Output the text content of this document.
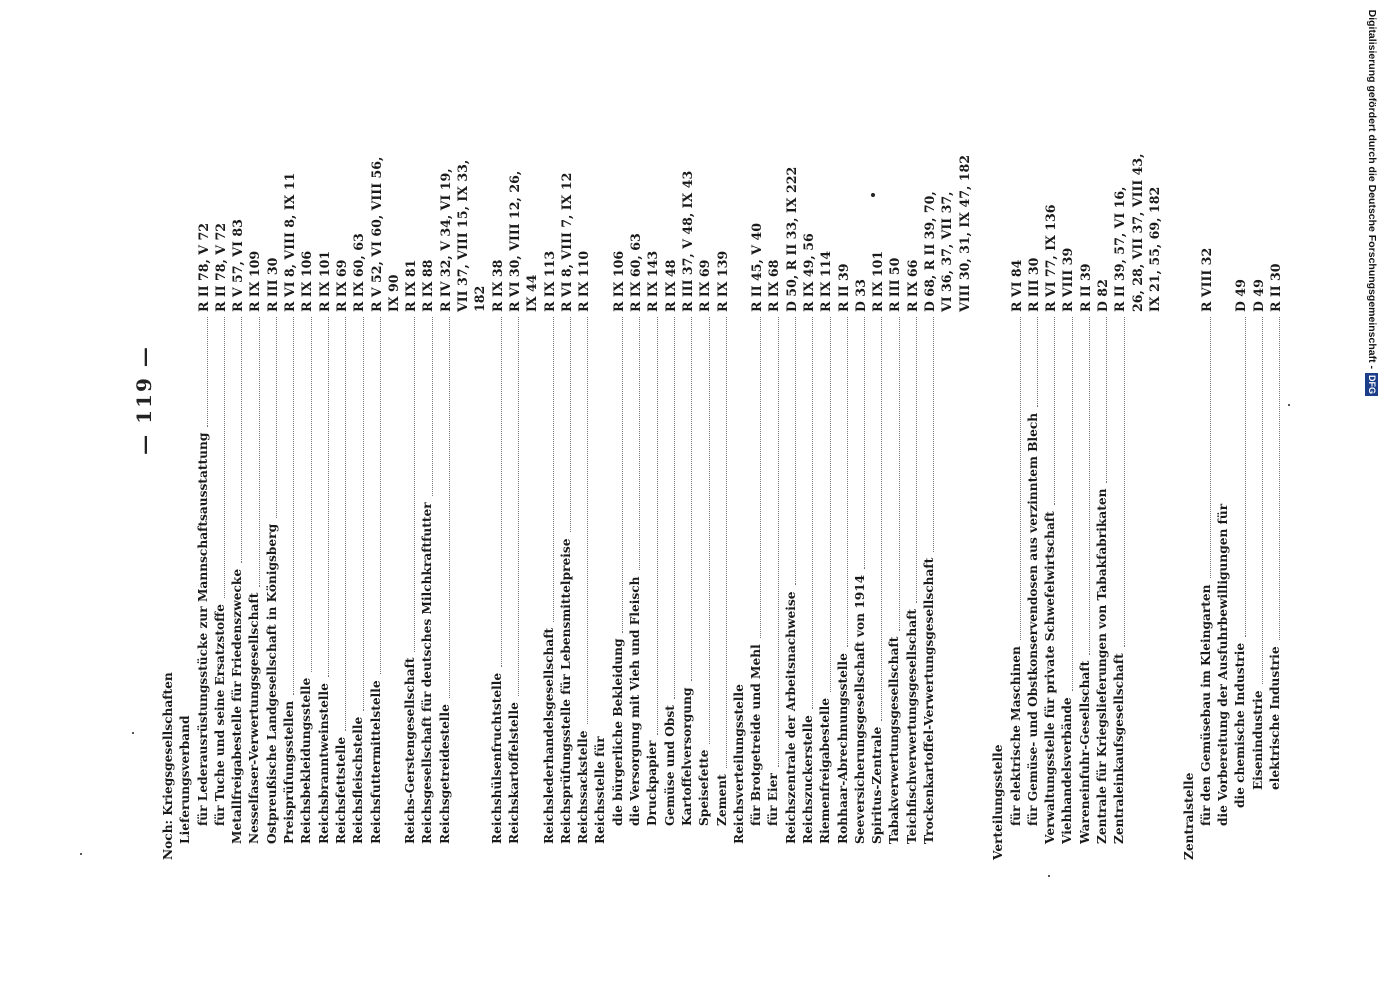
— 119 —
Noch: Kriegsgesellschaften Lieferungsverband für Lederausrüstungsstücke zur Mannschaftsausstattung
R II 78, V 72
für Tuche und seine Ersatzstoffe
R II 78, V 72
Metallfreigabestelle für Friedenszwecke
R V 57, VI 83
Nesselfaser-Verwertungsgesellschaft
R IX 109
Ostpreußische Landgesellschaft in Königsberg
R III 30
Preisprüfungsstellen
R VI 8, VIII 8, IX 11
Reichsbekleidungsstelle
R IX 106
Reichsbranntweinstelle
R IX 101
Reichsfettstelle
R IX 69
Reichsfleischstelle
R IX 60, 63
Reichsfuttermittelstelle
R V 52, VI 60, VIII 56, IX 90
Reichs-Gerstengesellschaft
R IX 81
Reichsgesellschaft für deutsches Milchkraftfutter
R IX 88
Reichsgetreidestelle
R IV 32, V 34, VI 19, VII 37, VIII 15, IX 33, 182
Reichshülsenfruchtstelle
R IX 38
Reichskartoffelstelle
R VI 30, VIII 12, 26, IX 44
Reichslederhandelsgesellschaft
R IX 113
Reichsprüfungsstelle für Lebensmittelpreise
R VI 8, VIII 7, IX 12
Reichssackstelle
R IX 110
Reichsstelle für die bürgerliche Bekleidung
R IX 106
die Versorgung mit Vieh und Fleisch
R IX 60, 63
Druckpapier
R IX 143
Gemüse und Obst
R IX 48
Kartoffelversorgung
R III 37, V 48, IX 43
Speisefette
R IX 69
Zement
R IX 139
Reichsverteilungsstelle für Brotgetreide und Mehl
R II 45, V 40
für Eier
R IX 68
Reichszentrale der Arbeitsnachweise
D 50, R II 33, IX 222
Reichszuckerstelle
R IX 49, 56
Riemenfreigabestelle
R IX 114
Rohhaar-Abrechnungsstelle
R II 39
Seeversicherungsgesellschaft von 1914
D 33
Spiritus-Zentrale
R IX 101
Tabakverwertungsgesellschaft
R III 50
Teichfischverwertungsgesellschaft
R IX 66
Trockenkartoffel-Verwertungsgesellschaft
D 68, R II 39, 70, VI 36, 37, VII 37, VIII 30, 31, IX 47, 182
Verteilungsstelle für elektrische Maschinen
R VI 84
für Gemüse- und Obstkonservendosen aus verzinntem Blech
R III 30
Verwaltungsstelle für private Schwefelwirtschaft
R VI 77, IX 136
Viehhandelsverbände
R VIII 39
Wareneinfuhr-Gesellschaft
R II 39
Zentrale für Kriegslieferungen von Tabakfabrikaten
D 82
Zentraleinkaufsgesellschaft
R II 39, 57, VI 16, 26, 28, VII 37, VIII 43, IX 21, 55, 69, 182
Zentralstelle für den Gemüsebau im Kleingarten
R VIII 32
die Vorbereitung der Ausfuhrbewilligungen für die chemische Industrie
D 49
Eisenindustrie
D 49
elektrische Industrie
R II 30	Digitalisierung gefördert durch die Deutsche Forschungsgemeinschaft -DFG
